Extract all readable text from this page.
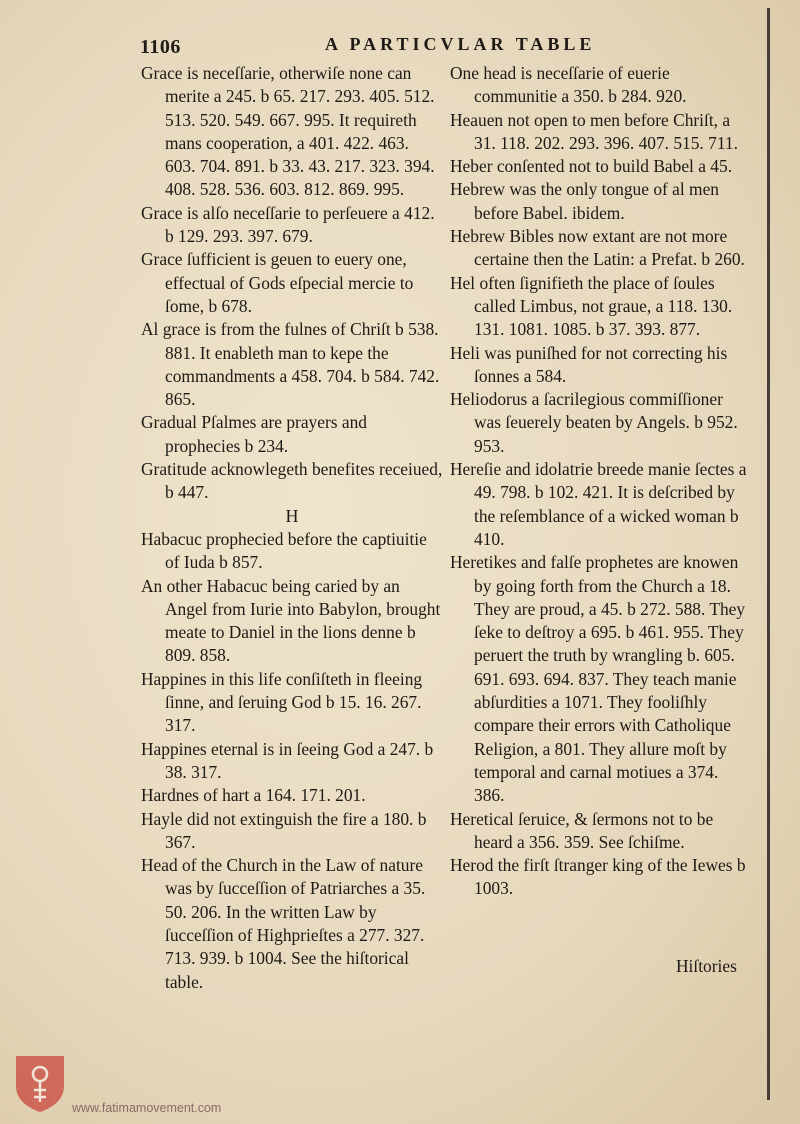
1106	A PARTICVLAR TABLE
Grace is neceſſarie, otherwiſe none can merite a 245. b 65. 217. 293. 405. 512. 513. 520. 549. 667. 995. It requireth mans cooperation, a 401. 422. 463. 603. 704. 891. b 33. 43. 217. 323. 394. 408. 528. 536. 603. 812. 869. 995.
Grace is alſo neceſſarie to perſeuere a 412. b 129. 293. 397. 679.
Grace ſufficient is geuen to euery one, effectual of Gods eſpecial mercie to ſome, b 678.
Al grace is from the fulnes of Chriſt b 538. 881. It enableth man to kepe the commandments a 458. 704. b 584. 742. 865.
Gradual Pſalmes are prayers and prophecies b 234.
Gratitude acknowlegeth benefites receiued, b 447.
H
Habacuc prophecied before the captiuitie of Iuda b 857.
An other Habacuc being caried by an Angel from Iurie into Babylon, brought meate to Daniel in the lions denne b 809. 858.
Happines in this life conſiſteth in fleeing ſinne, and ſeruing God b 15. 16. 267. 317.
Happines eternal is in ſeeing God a 247. b 38. 317.
Hardnes of hart a 164. 171. 201.
Hayle did not extinguish the fire a 180. b 367.
Head of the Church in the Law of nature was by ſucceſſion of Patriarches a 35. 50. 206. In the written Law by ſucceſſion of Highprieſtes a 277. 327. 713. 939. b 1004. See the hiſtorical table.
One head is neceſſarie of euerie communitie a 350. b 284. 920.
Heauen not open to men before Chriſt, a 31. 118. 202. 293. 396. 407. 515. 711.
Heber conſented not to build Babel a 45.
Hebrew was the only tongue of al men before Babel. ibidem.
Hebrew Bibles now extant are not more certaine then the Latin: a Prefat. b 260.
Hel often ſignifieth the place of ſoules called Limbus, not graue, a 118. 130. 131. 1081. 1085. b 37. 393. 877.
Heli was puniſhed for not correcting his ſonnes a 584.
Heliodorus a ſacrilegious commiſſioner was ſeuerely beaten by Angels. b 952. 953.
Hereſie and idolatrie breede manie ſectes a 49. 798. b 102. 421. It is deſcribed by the reſemblance of a wicked woman b 410.
Heretikes and falſe prophetes are knowen by going forth from the Church a 18. They are proud, a 45. b 272. 588. They ſeke to deſtroy a 695. b 461. 955. They peruert the truth by wrangling b. 605. 691. 693. 694. 837. They teach manie abſurdities a 1071. They fooliſhly compare their errors with Catholique Religion, a 801. They allure moſt by temporal and carnal motiues a 374. 386.
Heretical ſeruice, & ſermons not to be heard a 356. 359. See ſchiſme.
Herod the firſt ſtranger king of the Iewes b 1003.
Hiſtories
www.fatimamovement.com
